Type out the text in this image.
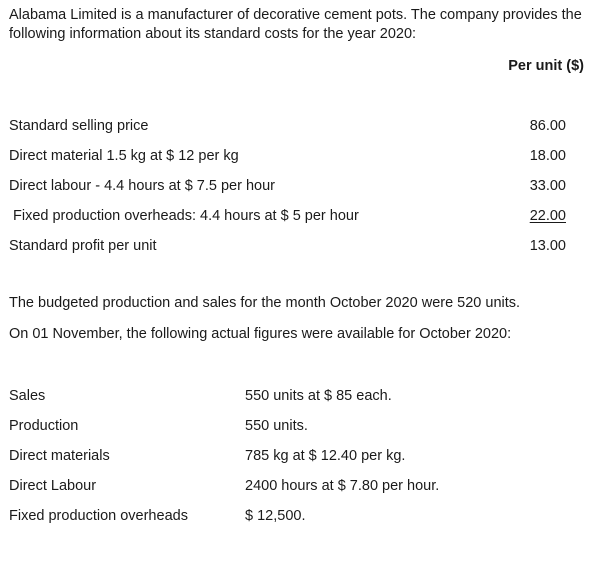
Alabama Limited is a manufacturer of decorative cement pots. The company provides the following information about its standard costs for the year 2020:
Per unit ($)
Standard selling price	86.00
Direct material 1.5 kg at $ 12 per kg	18.00
Direct labour - 4.4 hours at $ 7.5 per hour	33.00
Fixed production overheads: 4.4 hours at $ 5 per hour	22.00
Standard profit per unit	13.00
The budgeted production and sales for the month October 2020 were 520 units.
On 01 November, the following actual figures were available for October 2020:
Sales	550 units at $ 85 each.
Production	550 units.
Direct materials	785 kg at $ 12.40 per kg.
Direct Labour	2400 hours at $ 7.80 per hour.
Fixed production overheads	$ 12,500.
